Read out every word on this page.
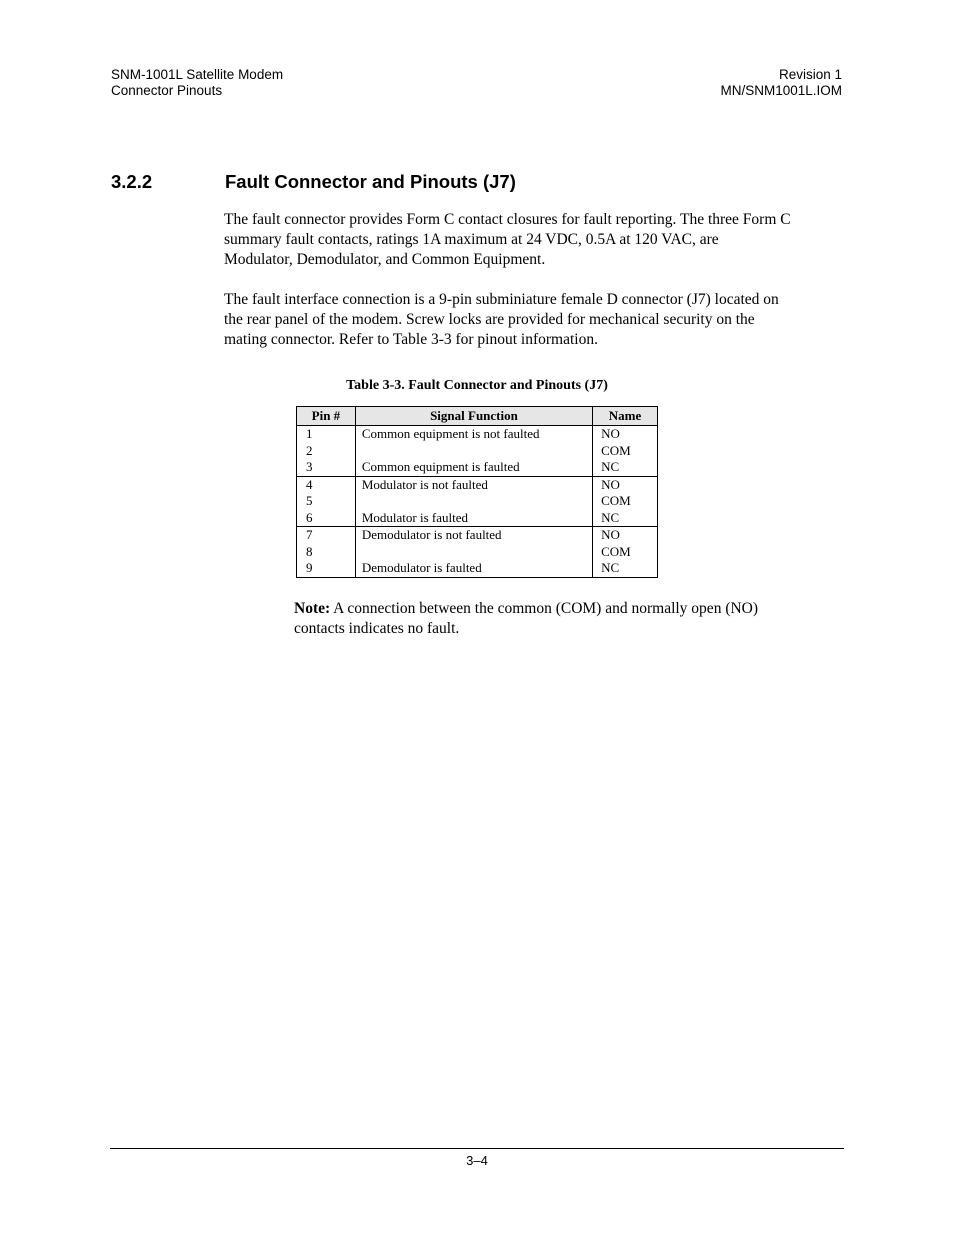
SNM-1001L Satellite Modem
Connector Pinouts
Revision 1
MN/SNM1001L.IOM
3.2.2	Fault Connector and Pinouts (J7)

The fault connector provides Form C contact closures for fault reporting. The three Form C
summary fault contacts, ratings 1A maximum at 24 VDC, 0.5A at 120 VAC, are
Modulator, Demodulator, and Common Equipment.

The fault interface connection is a 9-pin subminiature female D connector (J7) located on
the rear panel of the modem. Screw locks are provided for mechanical security on the
mating connector. Refer to Table 3-3 for pinout information.

Table 3-3. Fault Connector and Pinouts (J7)
Pin #	Signal Function	Name
1	Common equipment is not faulted	NO
2		COM
3	Common equipment is faulted	NC
4	Modulator is not faulted	NO
5		COM
6	Modulator is faulted	NC
7	Demodulator is not faulted	NO
8		COM
9	Demodulator is faulted	NC

Note: A connection between the common (COM) and normally open (NO)
contacts indicates no fault.

3–4
